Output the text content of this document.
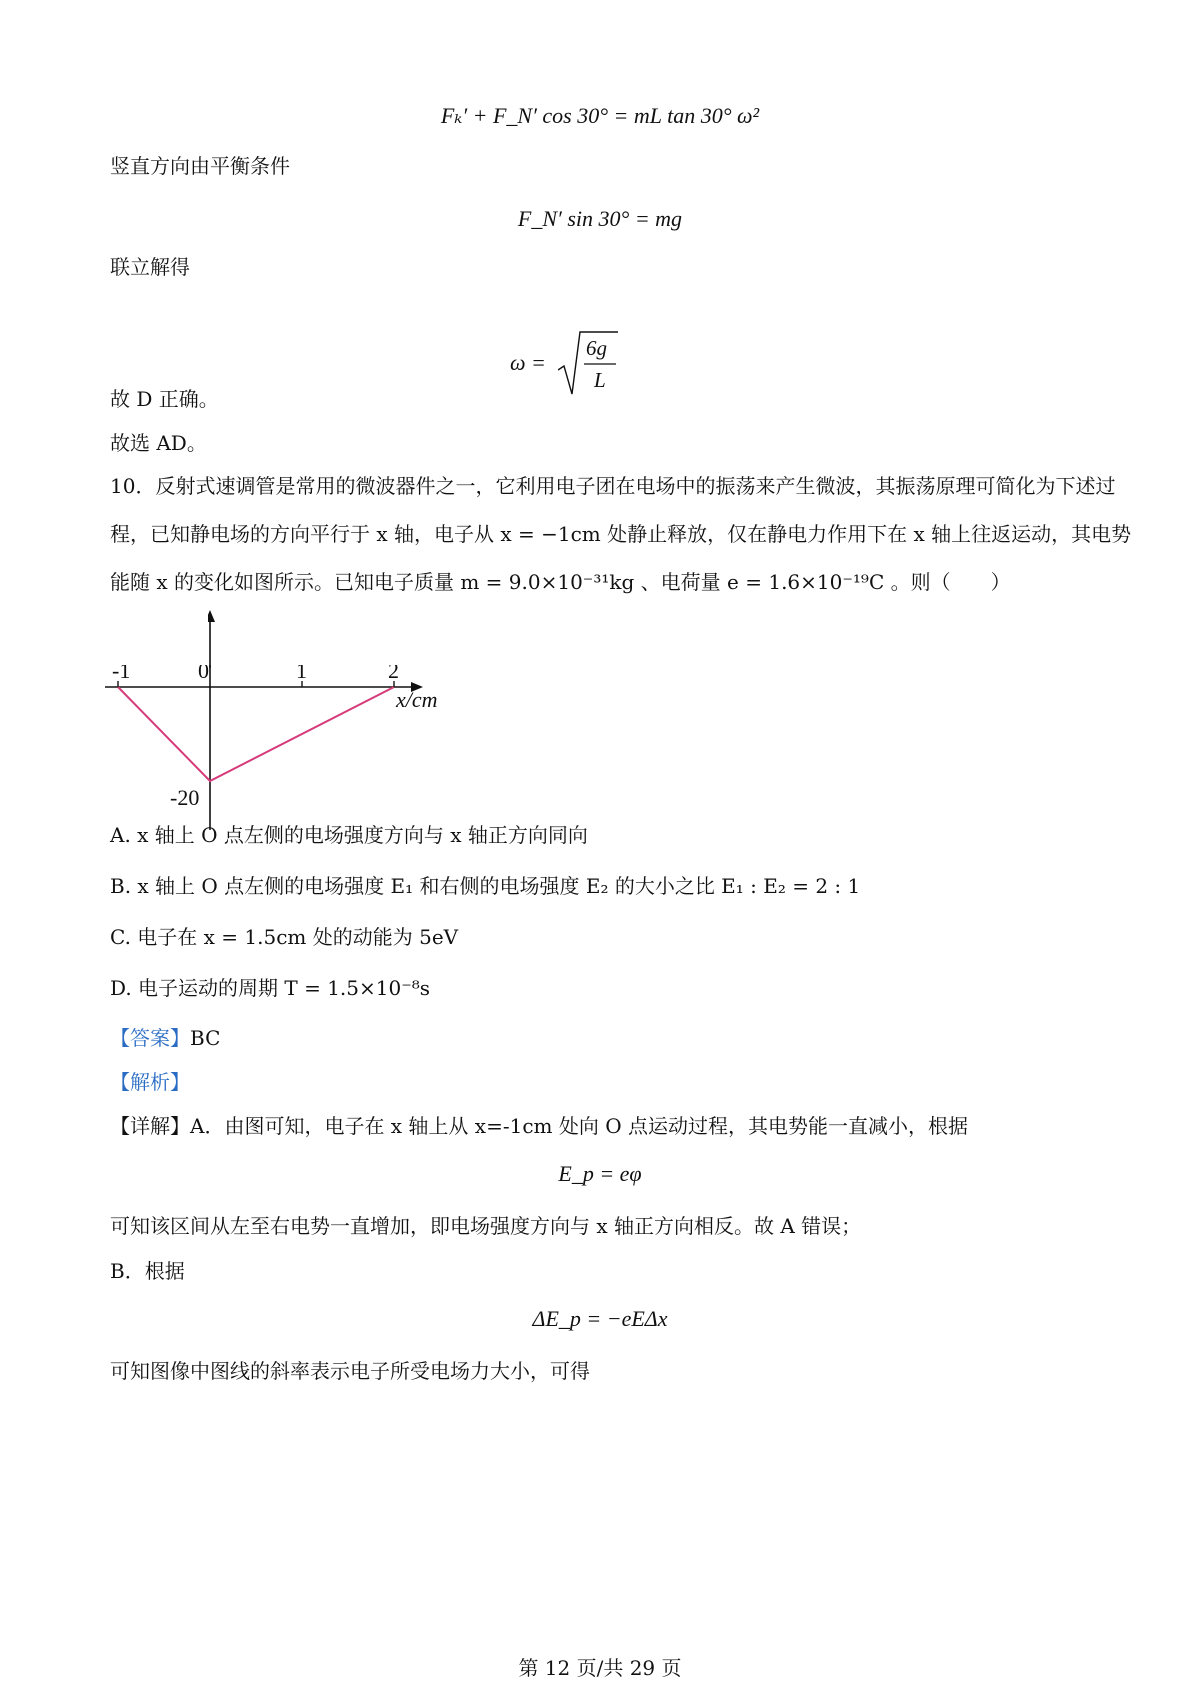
Fₖ′ + F_N′ cos 30° = mL tan 30° ω²
竖直方向由平衡条件
F_N′ sin 30° = mg
联立解得
ω =
6g
L
故 D 正确。
故选 AD。
10．反射式速调管是常用的微波器件之一，它利用电子团在电场中的振荡来产生微波，其振荡原理可简化为下述过程，已知静电场的方向平行于 x 轴，电子从 x = −1cm 处静止释放，仅在静电力作用下在 x 轴上往返运动，其电势能随 x 的变化如图所示。已知电子质量 m = 9.0×10⁻³¹kg 、电荷量 e = 1.6×10⁻¹⁹C 。则（　　）
-1	0	1	2
-20
x/cm
A. x 轴上 O 点左侧的电场强度方向与 x 轴正方向同向
B. x 轴上 O 点左侧的电场强度 E₁ 和右侧的电场强度 E₂ 的大小之比 E₁ : E₂ = 2 : 1
C. 电子在 x = 1.5cm 处的动能为 5eV
D. 电子运动的周期 T = 1.5×10⁻⁸s
【答案】BC
【解析】
【详解】A．由图可知，电子在 x 轴上从 x=-1cm 处向 O 点运动过程，其电势能一直减小，根据
E_p = eφ
可知该区间从左至右电势一直增加，即电场强度方向与 x 轴正方向相反。故 A 错误；
B．根据
ΔE_p = −eEΔx
可知图像中图线的斜率表示电子所受电场力大小，可得
第 12 页/共 29 页
